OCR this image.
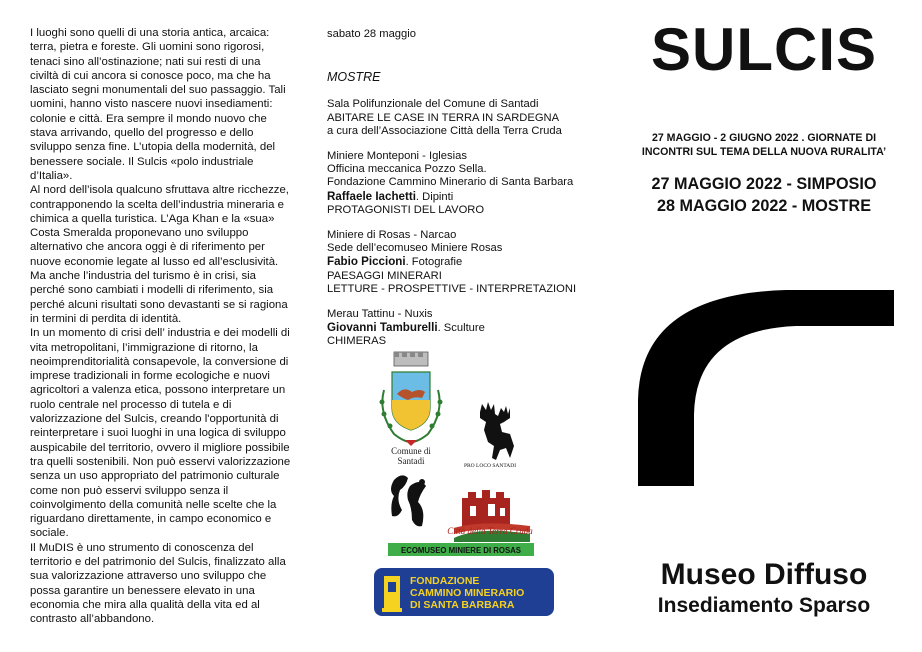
I luoghi sono quelli di una storia antica, arcaica: terra, pietra e foreste. Gli uomini sono rigorosi, tenaci sino all’ostinazione; nati sui resti di una civiltà di cui ancora si conosce poco, ma che ha lasciato segni monumentali del suo passaggio. Tali uomini, hanno visto nascere nuovi insediamenti: colonie e città. Era sempre il mondo nuovo che stava arrivando, quello del progresso e dello sviluppo senza fine. L’utopia della modernità, del benessere sociale. Il Sulcis «polo industriale d’Italia».

Al nord dell’isola qualcuno sfruttava altre ricchezze, contrapponendo la scelta dell’industria mineraria e chimica a quella turistica. L’Aga Khan e la «sua» Costa Smeralda proponevano uno sviluppo alternativo che ancora oggi è di riferimento per nuove economie legate al lusso ed all’esclusività. Ma anche l’industria del turismo è in crisi, sia perché sono cambiati i modelli di riferimento, sia perché alcuni risultati sono devastanti se si ragiona in termini di perdita di identità.

In un momento di crisi dell’ industria e dei modelli di vita metropolitani, l’immigrazione di ritorno, la neoimprenditorialità consapevole, la conversione di imprese tradizionali in forme ecologiche e nuovi agricoltori a valenza etica, possono interpretare un ruolo centrale nel processo di tutela e di valorizzazione del Sulcis, creando l'opportunità di reinterpretare i suoi luoghi in una logica di sviluppo auspicabile del territorio, ovvero il migliore possibile tra quelli sostenibili. Non può esservi valorizzazione senza un uso appropriato del patrimonio culturale come non può esservi sviluppo senza il coinvolgimento della comunità nelle scelte che la riguardano direttamente, in campo economico e sociale.

Il MuDIS è uno strumento di conoscenza del territorio e del patrimonio del Sulcis, finalizzato alla sua valorizzazione attraverso uno sviluppo che possa garantire un benessere elevato in una economia che mira alla qualità della vita ed al contrasto all’abbandono.

sabato 28 maggio

MOSTRE

Sala Polifunzionale del Comune di Santadi
ABITARE LE CASE IN TERRA IN SARDEGNA
a cura dell’Associazione Città della Terra Cruda
Miniere Monteponi - Iglesias
Officina meccanica Pozzo Sella.
Fondazione Cammino Minerario di Santa Barbara
Raffaele Iachetti. Dipinti
PROTAGONISTI DEL LAVORO
Miniere di Rosas - Narcao
Sede dell’ecomuseo Miniere Rosas
Fabio Piccioni. Fotografie
PAESAGGI MINERARI
LETTURE - PROSPETTIVE - INTERPRETAZIONI
Merau Tattinu - Nuxis
Giovanni Tamburelli. Sculture
CHIMERAS
Comune di
Santadi	PRO LOCO SANTADI
Città della Terra Cruda
ECOMUSEO MINIERE DI ROSAS
FONDAZIONE
CAMMINO MINERARIO
DI SANTA BARBARA
SULCIS
27 MAGGIO - 2 GIUGNO 2022 . GIORNATE DI
INCONTRI SUL TEMA DELLA NUOVA RURALITA’
27 MAGGIO 2022 - SIMPOSIO
28 MAGGIO 2022 - MOSTRE
Museo Diffuso
Insediamento Sparso
